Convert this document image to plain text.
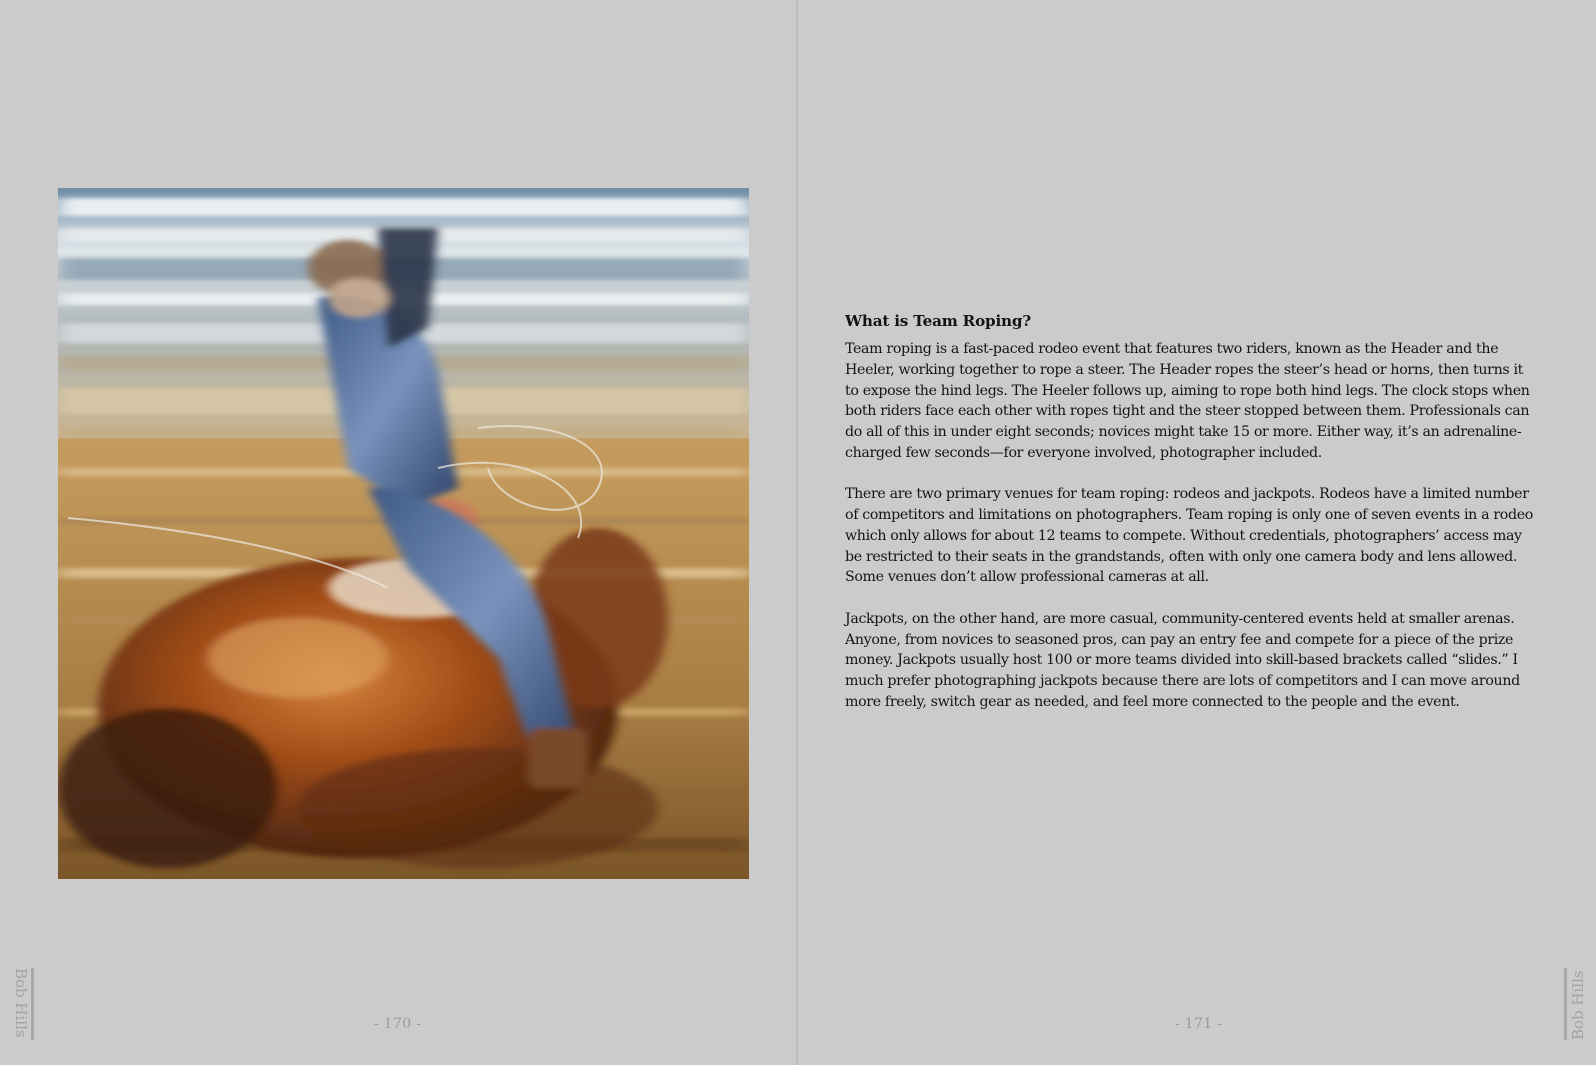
- 170 -
Bob Hills
What is Team Roping?

Team roping is a fast-paced rodeo event that features two riders, known as the Header and the Heeler, working together to rope a steer. The Header ropes the steer’s head or horns, then turns it to expose the hind legs. The Heeler follows up, aiming to rope both hind legs. The clock stops when both riders face each other with ropes tight and the steer stopped between them. Professionals can do all of this in under eight seconds; novices might take 15 or more. Either way, it’s an adrenaline-charged few seconds—for everyone involved, photographer included.

There are two primary venues for team roping: rodeos and jackpots. Rodeos have a limited number of competitors and limitations on photographers. Team roping is only one of seven events in a rodeo which only allows for about 12 teams to compete. Without credentials, photographers’ access may be restricted to their seats in the grandstands, often with only one camera body and lens allowed. Some venues don’t allow professional cameras at all.

Jackpots, on the other hand, are more casual, community-centered events held at smaller arenas. Anyone, from novices to seasoned pros, can pay an entry fee and compete for a piece of the prize money. Jackpots usually host 100 or more teams divided into skill-based brackets called “slides.” I much prefer photographing jackpots because there are lots of competitors and I can move around more freely, switch gear as needed, and feel more connected to the people and the event.

- 171 -	Bob Hills
